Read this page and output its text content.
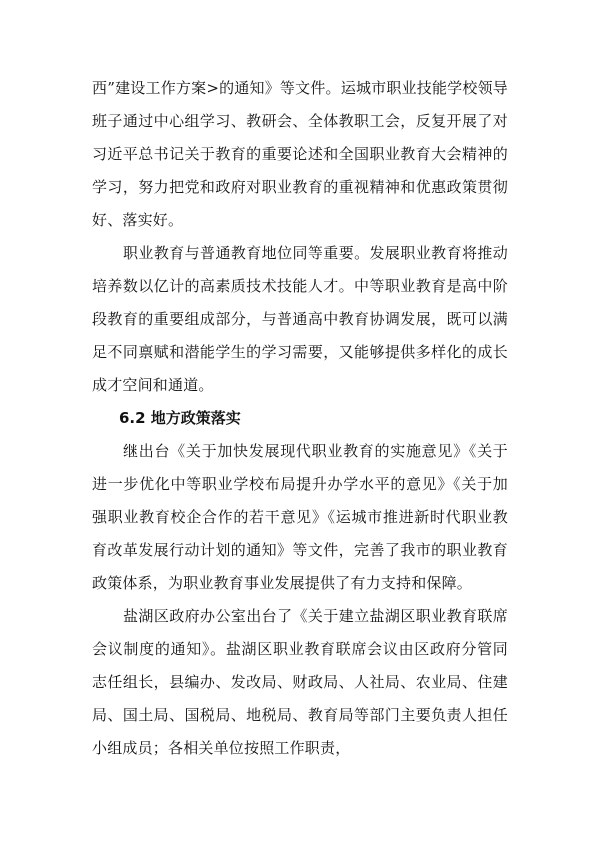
西”建设工作方案>的通知》等文件。运城市职业技能学校领导班子通过中心组学习、教研会、全体教职工会，反复开展了对习近平总书记关于教育的重要论述和全国职业教育大会精神的学习，努力把党和政府对职业教育的重视精神和优惠政策贯彻好、落实好。

职业教育与普通教育地位同等重要。发展职业教育将推动培养数以亿计的高素质技术技能人才。中等职业教育是高中阶段教育的重要组成部分，与普通高中教育协调发展，既可以满足不同禀赋和潜能学生的学习需要，又能够提供多样化的成长成才空间和通道。

6.2 地方政策落实

继出台《关于加快发展现代职业教育的实施意见》《关于进一步优化中等职业学校布局提升办学水平的意见》《关于加强职业教育校企合作的若干意见》《运城市推进新时代职业教育改革发展行动计划的通知》等文件，完善了我市的职业教育政策体系，为职业教育事业发展提供了有力支持和保障。

盐湖区政府办公室出台了《关于建立盐湖区职业教育联席会议制度的通知》。盐湖区职业教育联席会议由区政府分管同志任组长，县编办、发改局、财政局、人社局、农业局、住建局、国土局、国税局、地税局、教育局等部门主要负责人担任小组成员；各相关单位按照工作职责，
